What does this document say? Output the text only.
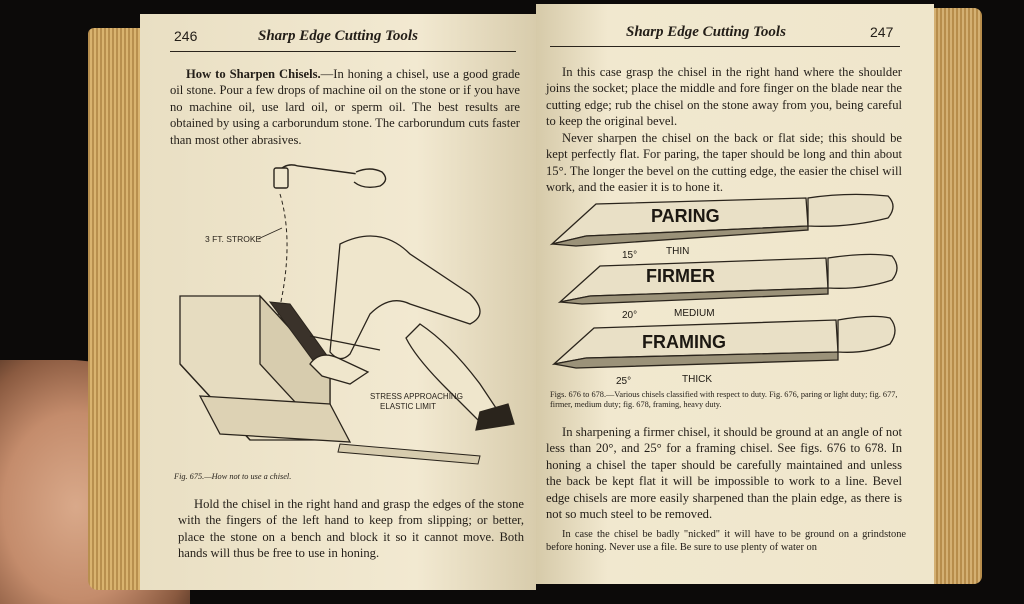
246	Sharp Edge Cutting Tools
How to Sharpen Chisels.—In honing a chisel, use a good grade oil stone. Pour a few drops of machine oil on the stone or if you have no machine oil, use lard oil, or sperm oil. The best results are obtained by using a carborundum stone. The carborundum cuts faster than most other abrasives.
3 FT. STROKE
STRESS APPROACHING
ELASTIC LIMIT
Fig. 675.—How not to use a chisel.
Hold the chisel in the right hand and grasp the edges of the stone with the fingers of the left hand to keep from slipping; or better, place the stone on a bench and block it so it cannot move. Both hands will thus be free to use in honing.
Sharp Edge Cutting Tools	247
In this case grasp the chisel in the right hand where the shoulder joins the socket; place the middle and fore finger on the blade near the cutting edge; rub the chisel on the stone away from you, being careful to keep the original bevel.
Never sharpen the chisel on the back or flat side; this should be kept perfectly flat. For paring, the taper should be long and thin about 15°. The longer the bevel on the cutting edge, the easier the chisel will work, and the easier it is to hone it.
PARING
15°	THIN
FIRMER
20°	MEDIUM
FRAMING
25°	THICK
Figs. 676 to 678.—Various chisels classified with respect to duty. Fig. 676, paring or light duty; fig. 677, firmer, medium duty; fig. 678, framing, heavy duty.
In sharpening a firmer chisel, it should be ground at an angle of not less than 20°, and 25° for a framing chisel. See figs. 676 to 678. In honing a chisel the taper should be carefully maintained and unless the back be kept flat it will be impossible to work to a line. Bevel edge chisels are more easily sharpened than the plain edge, as there is not so much steel to be removed.
In case the chisel be badly "nicked" it will have to be ground on a grindstone before honing. Never use a file. Be sure to use plenty of water on
